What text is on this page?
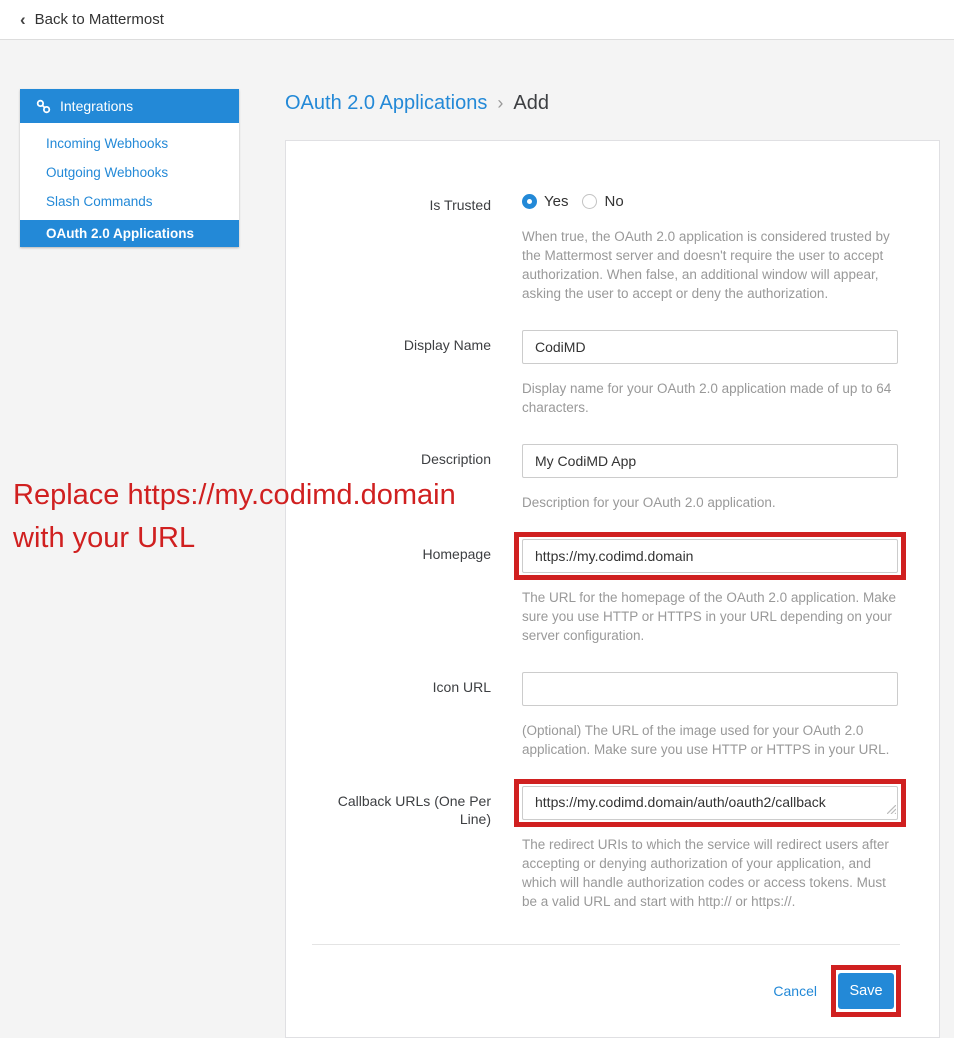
‹ Back to Mattermost
Integrations
Incoming Webhooks
Outgoing Webhooks
Slash Commands
OAuth 2.0 Applications
OAuth 2.0 Applications › Add
Is Trusted	Yes No
When true, the OAuth 2.0 application is considered trusted by the Mattermost server and doesn't require the user to accept authorization. When false, an additional window will appear, asking the user to accept or deny the authorization.
Display Name
CodiMD
Display name for your OAuth 2.0 application made of up to 64 characters.
Description
My CodiMD App
Description for your OAuth 2.0 application.
Homepage
https://my.codimd.domain
The URL for the homepage of the OAuth 2.0 application. Make sure you use HTTP or HTTPS in your URL depending on your server configuration.
Icon URL
(Optional) The URL of the image used for your OAuth 2.0 application. Make sure you use HTTP or HTTPS in your URL.
Callback URLs (One Per Line)
https://my.codimd.domain/auth/oauth2/callback
The redirect URIs to which the service will redirect users after accepting or denying authorization of your application, and which will handle authorization codes or access tokens. Must be a valid URL and start with http:// or https://.
Cancel	Save
Replace https://my.codimd.domain
with your URL
